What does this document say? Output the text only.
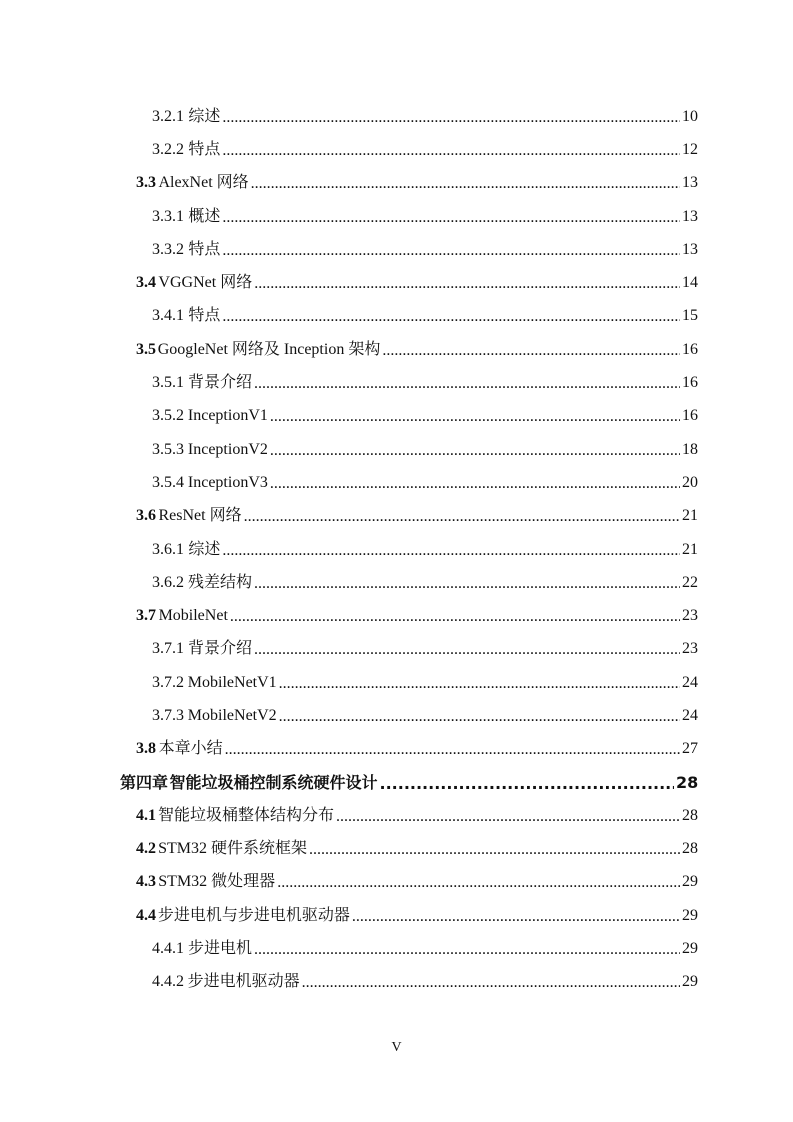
3.2.1 综述 .....	10
3.2.2 特点 .....	12
3.3 AlexNet 网络 .....	13
3.3.1 概述 .....	13
3.3.2 特点 .....	13
3.4 VGGNet 网络 .....	14
3.4.1 特点 .....	15
3.5 GoogleNet 网络及 Inception 架构 .....	16
3.5.1 背景介绍 .....	16
3.5.2 InceptionV1 .....	16
3.5.3 InceptionV2 .....	18
3.5.4 InceptionV3 .....	20
3.6 ResNet 网络 .....	21
3.6.1 综述 .....	21
3.6.2 残差结构 .....	22
3.7 MobileNet .....	23
3.7.1 背景介绍 .....	23
3.7.2 MobileNetV1 .....	24
3.7.3 MobileNetV2 .....	24
3.8 本章小结 .....	27
第四章 智能垃圾桶控制系统硬件设计 .....	28
4.1 智能垃圾桶整体结构分布 .....	28
4.2 STM32 硬件系统框架 .....	28
4.3 STM32 微处理器 .....	29
4.4 步进电机与步进电机驱动器 .....	29
4.4.1 步进电机 .....	29
4.4.2 步进电机驱动器 .....	29
V
